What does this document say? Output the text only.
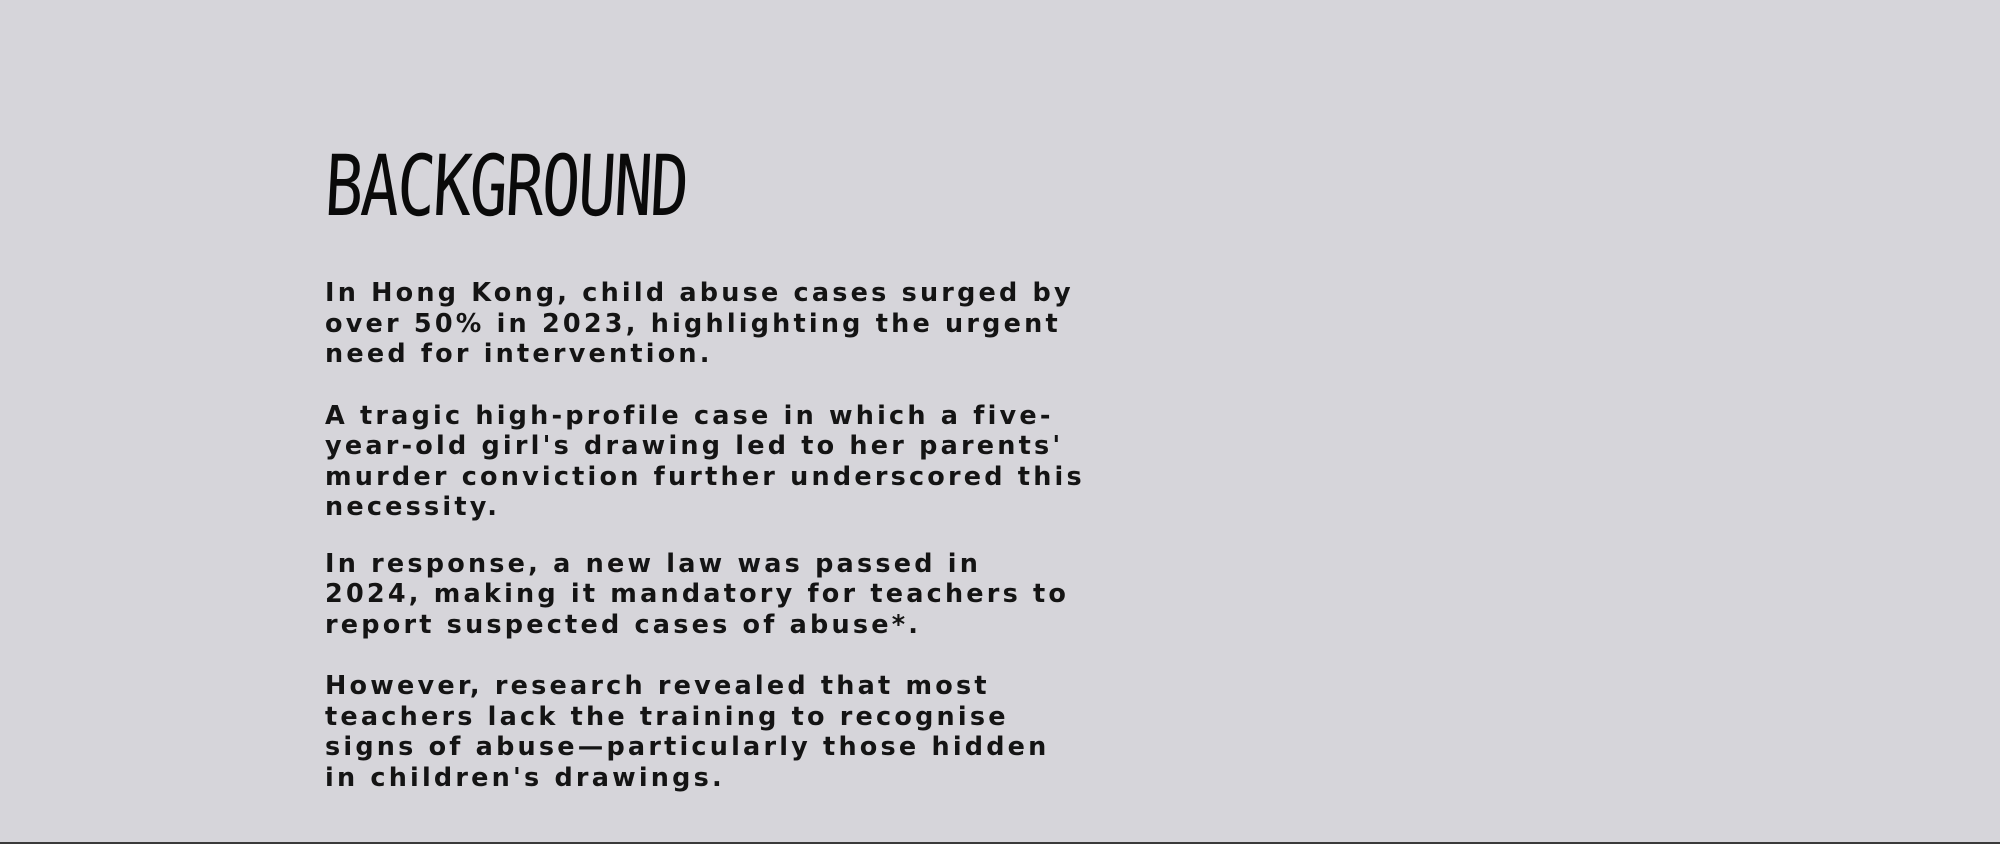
BACKGROUND

In Hong Kong, child abuse cases surged by over 50% in 2023, highlighting the urgent need for intervention.

A tragic high-profile case in which a five-year-old girl's drawing led to her parents' murder conviction further underscored this necessity.

In response, a new law was passed in 2024, making it mandatory for teachers to report suspected cases of abuse*.

However, research revealed that most teachers lack the training to recognise signs of abuse—particularly those hidden in children's drawings.
